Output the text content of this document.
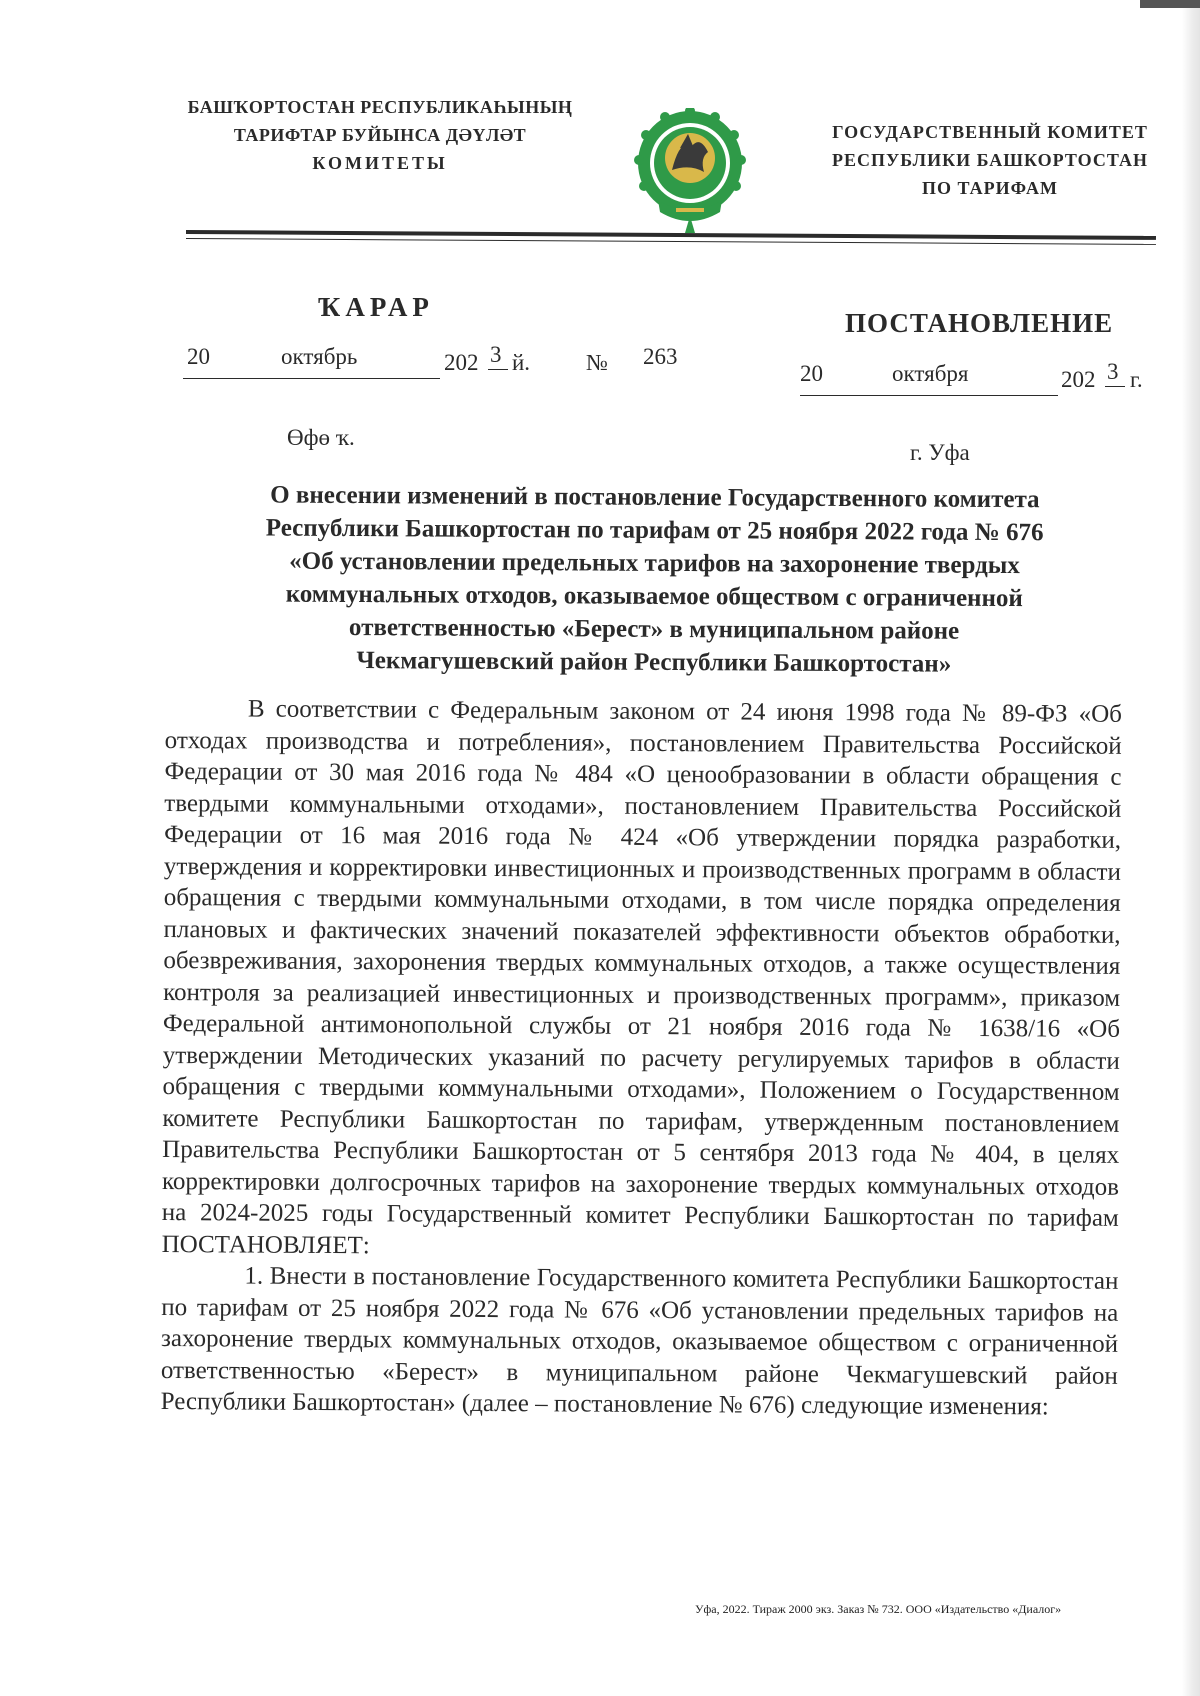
БАШҠОРТОСТАН РЕСПУБЛИКАҺЫНЫҢ
ТАРИФТАР БУЙЫНСА ДӘҮЛӘТ
КОМИТЕТЫ
ГОСУДАРСТВЕННЫЙ КОМИТЕТ
РЕСПУБЛИКИ БАШКОРТОСТАН
ПО ТАРИФАМ
ҠАРАР
ПОСТАНОВЛЕНИЕ
20	октябрь	202 3 й. № 263
20	октября	202 3 г.
Өфө ҡ.
г. Уфа
О внесении изменений в постановление Государственного комитета
Республики Башкортостан по тарифам от 25 ноября 2022 года № 676
«Об установлении предельных тарифов на захоронение твердых
коммунальных отходов, оказываемое обществом с ограниченной
ответственностью «Берест» в муниципальном районе
Чекмагушевский район Республики Башкортостан»

В соответствии с Федеральным законом от 24 июня 1998 года № 89-ФЗ «Об отходах производства и потребления», постановлением Правительства Российской Федерации от 30 мая 2016 года № 484 «О ценообразовании в области обращения с твердыми коммунальными отходами», постановлением Правительства Российской Федерации от 16 мая 2016 года № 424 «Об утверждении порядка разработки, утверждения и корректировки инвестиционных и производственных программ в области обращения с твердыми коммунальными отходами, в том числе порядка определения плановых и фактических значений показателей эффективности объектов обработки, обезвреживания, захоронения твердых коммунальных отходов, а также осуществления контроля за реализацией инвестиционных и производственных программ», приказом Федеральной антимонопольной службы от 21 ноября 2016 года № 1638/16 «Об утверждении Методических указаний по расчету регулируемых тарифов в области обращения с твердыми коммунальными отходами», Положением о Государственном комитете Республики Башкортостан по тарифам, утвержденным постановлением Правительства Республики Башкортостан от 5 сентября 2013 года № 404, в целях корректировки долгосрочных тарифов на захоронение твердых коммунальных отходов на 2024-2025 годы Государственный комитет Республики Башкортостан по тарифам ПОСТАНОВЛЯЕТ:

1. Внести в постановление Государственного комитета Республики Башкортостан по тарифам от 25 ноября 2022 года № 676 «Об установлении предельных тарифов на захоронение твердых коммунальных отходов, оказываемое обществом с ограниченной ответственностью «Берест» в муниципальном районе Чекмагушевский район Республики Башкортостан» (далее – постановление № 676) следующие изменения:

Уфа, 2022. Тираж 2000 экз. Заказ № 732. ООО «Издательство «Диалог»
